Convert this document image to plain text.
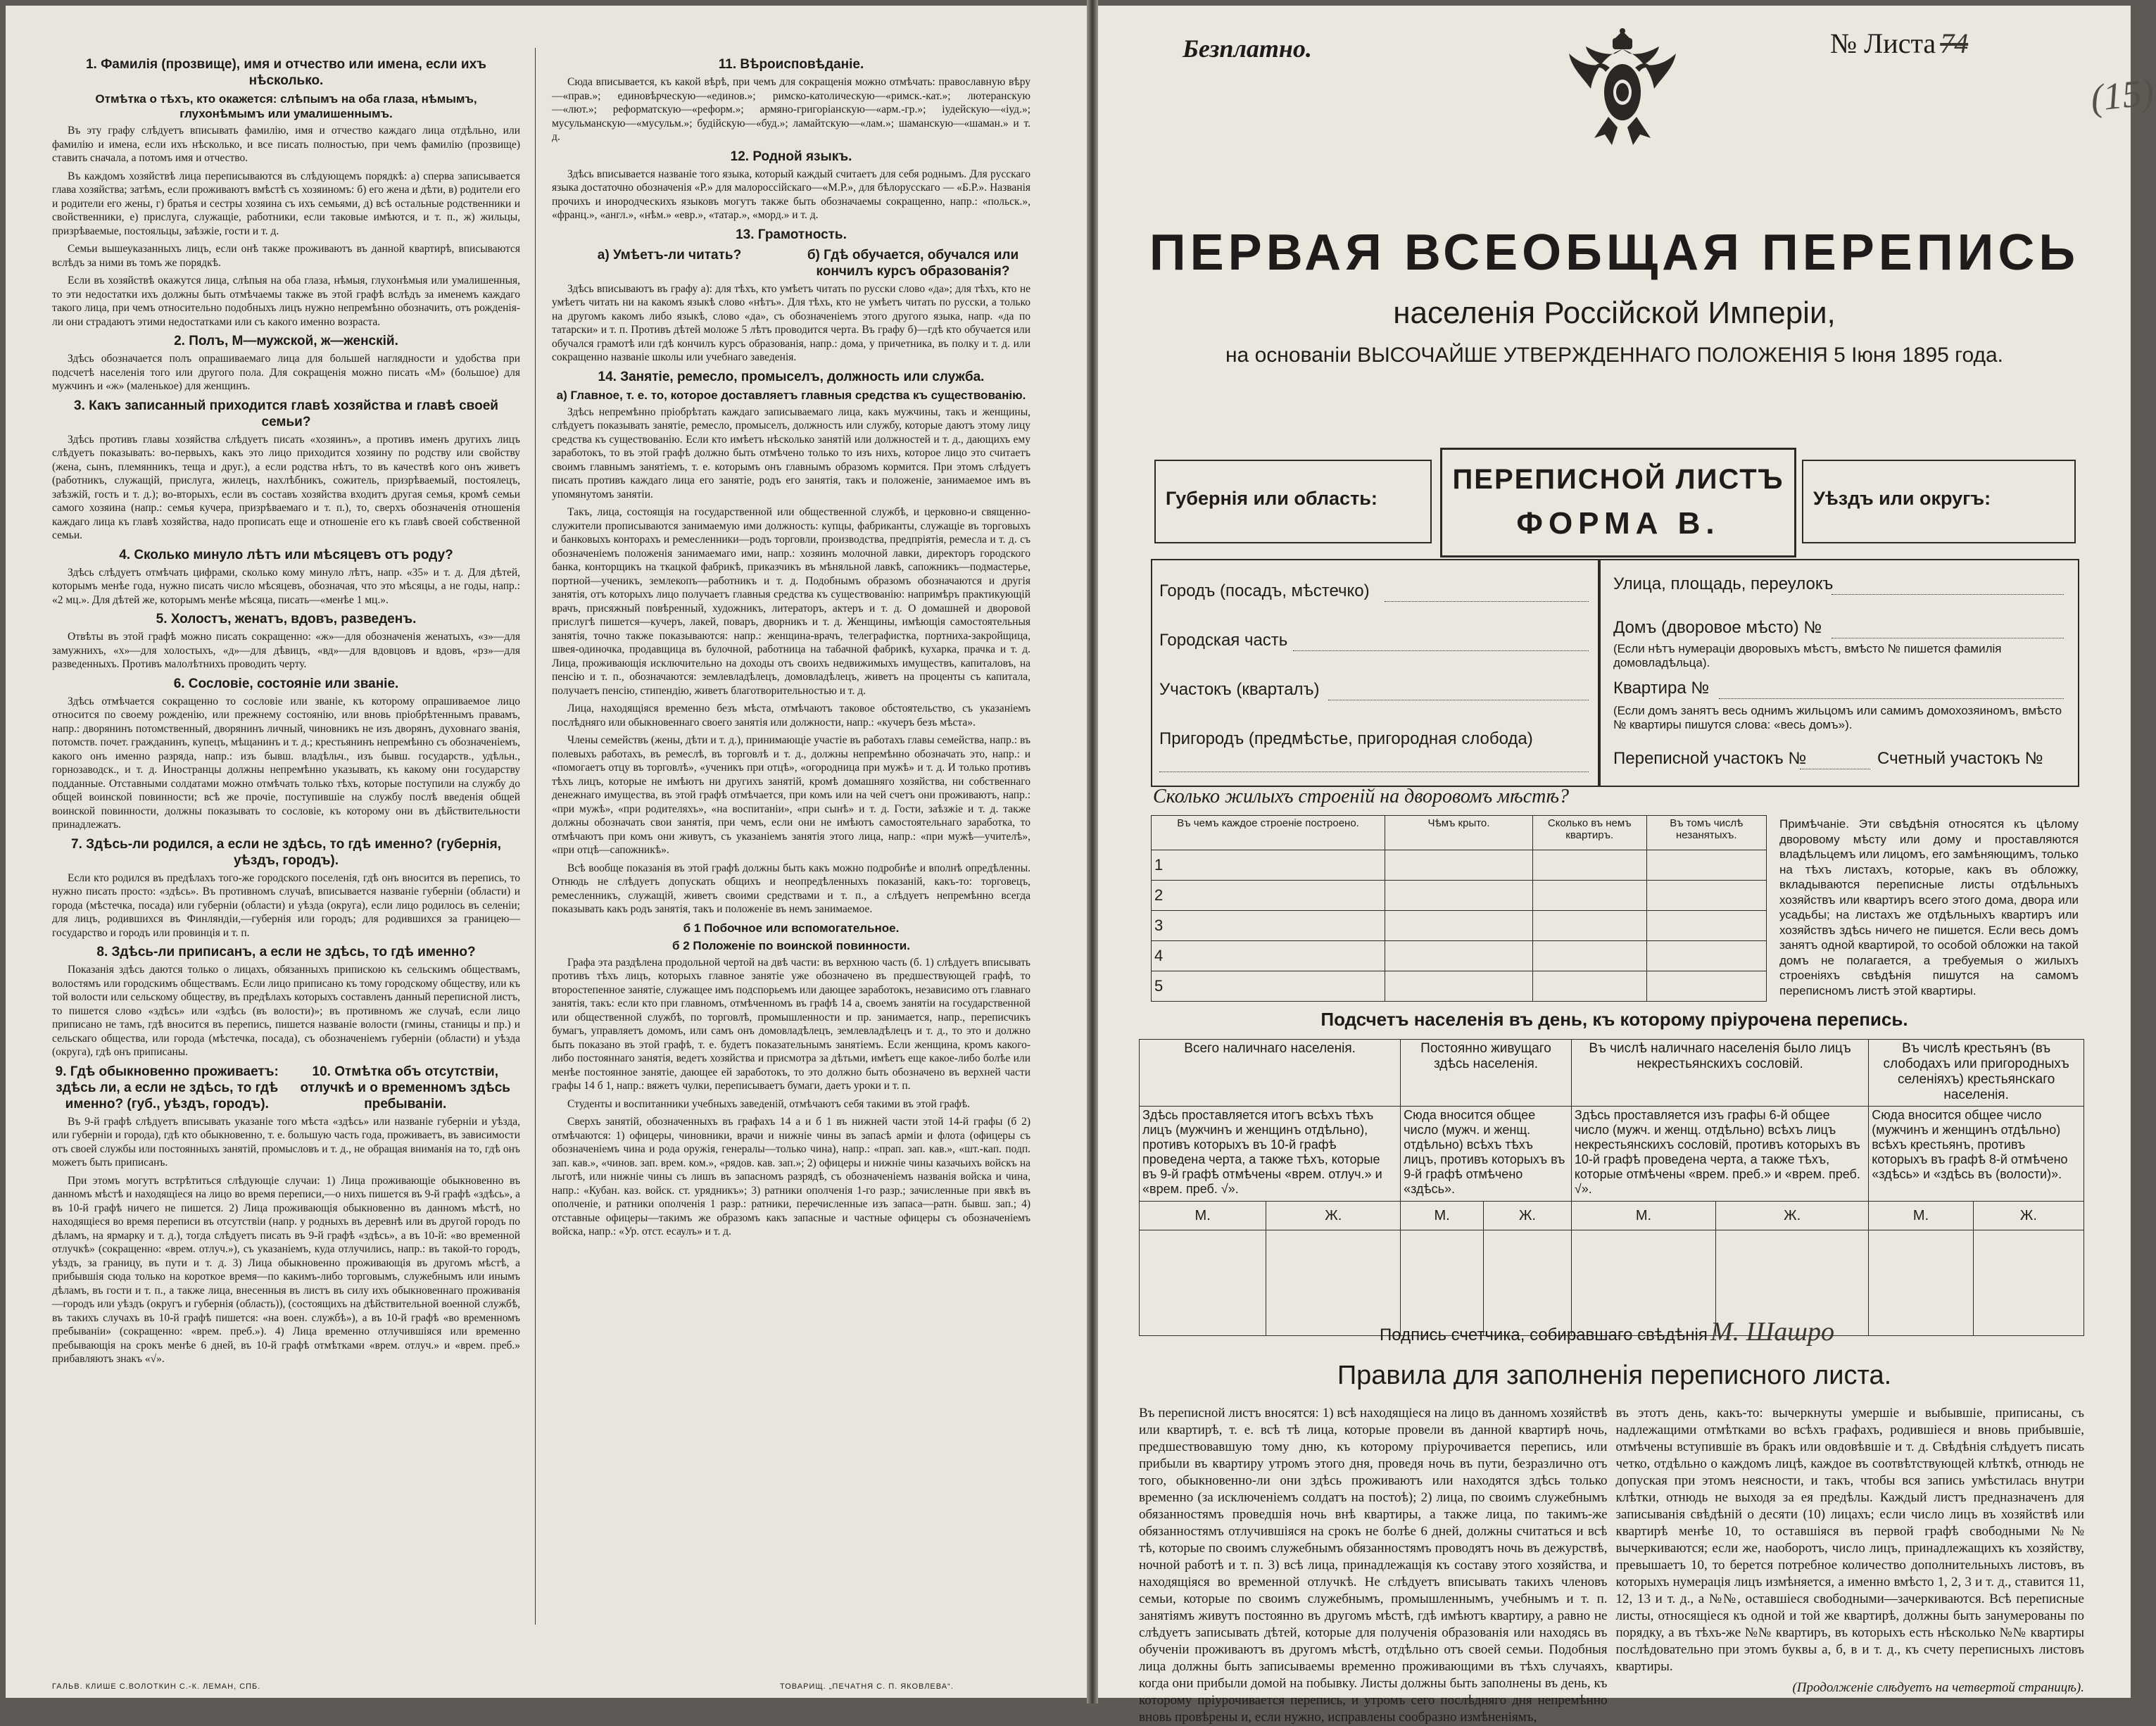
1. Фамилія (прозвище), имя и отчество или имена, если ихъ нѣсколько.
Отмѣтка о тѣхъ, кто окажется: слѣпымъ на оба глаза, нѣмымъ, глухонѣмымъ или умалишеннымъ.
Въ эту графу слѣдуетъ вписывать фамилію, имя и отчество каждаго лица отдѣльно, или фамилію и имена, если ихъ нѣсколько, и все писать полностью, при чемъ фамилію (прозвище) ставить сначала, а потомъ имя и отчество.
Въ каждомъ хозяйствѣ лица переписываются въ слѣдующемъ порядкѣ: а) сперва записывается глава хозяйства; затѣмъ, если проживаютъ вмѣстѣ съ хозяиномъ: б) его жена и дѣти, в) родители его и родители его жены, г) братья и сестры хозяина съ ихъ семьями, д) всѣ остальные родственники и свойственники, е) прислуга, служащіе, работники, если таковые имѣются, и т. п., ж) жильцы, призрѣваемые, постояльцы, заѣзжіе, гости и т. д.
Семьи вышеуказанныхъ лицъ, если онѣ также проживаютъ въ данной квартирѣ, вписываются вслѣдъ за ними въ томъ же порядкѣ.
Если въ хозяйствѣ окажутся лица, слѣпыя на оба глаза, нѣмыя, глухонѣмыя или умалишенныя, то эти недостатки ихъ должны быть отмѣчаемы также въ этой графѣ вслѣдъ за именемъ каждаго такого лица, при чемъ относительно подобныхъ лицъ нужно непремѣнно обозначить, отъ рожденія-ли они страдаютъ этими недостатками или съ какого именно возраста.
2. Полъ, М—мужской, ж—женскій.
Здѣсь обозначается полъ опрашиваемаго лица для большей наглядности и удобства при подсчетѣ населенія того или другого пола. Для сокращенія можно писать «М» (большое) для мужчинъ и «ж» (маленькое) для женщинъ.
3. Какъ записанный приходится главѣ хозяйства и главѣ своей семьи?
Здѣсь противъ главы хозяйства слѣдуетъ писать «хозяинъ», а противъ именъ другихъ лицъ слѣдуетъ показывать: во-первыхъ, какъ это лицо приходится хозяину по родству или свойству (жена, сынъ, племянникъ, теща и друг.), а если родства нѣтъ, то въ качествѣ кого онъ живетъ (работникъ, служащій, прислуга, жилецъ, нахлѣбникъ, сожитель, призрѣваемый, постоялецъ, заѣзжій, гость и т. д.); во-вторыхъ, если въ составъ хозяйства входитъ другая семья, кромѣ семьи самого хозяина (напр.: семья кучера, призрѣваемаго и т. п.), то, сверхъ обозначенія отношенія каждаго лица къ главѣ хозяйства, надо прописать еще и отношеніе его къ главѣ своей собственной семьи.
4. Сколько минуло лѣтъ или мѣсяцевъ отъ роду?
Здѣсь слѣдуетъ отмѣчать цифрами, сколько кому минуло лѣтъ, напр. «35» и т. д. Для дѣтей, которымъ менѣе года, нужно писать число мѣсяцевъ, обозначая, что это мѣсяцы, а не годы, напр.: «2 мц.». Для дѣтей же, которымъ менѣе мѣсяца, писать—«менѣе 1 мц.».
5. Холостъ, женатъ, вдовъ, разведенъ.
Отвѣты въ этой графѣ можно писать сокращенно: «ж»—для обозначенія женатыхъ, «з»—для замужнихъ, «х»—для холостыхъ, «д»—для дѣвицъ, «вд»—для вдовцовъ и вдовъ, «рз»—для разведенныхъ. Противъ малолѣтнихъ проводить черту.
6. Сословіе, состояніе или званіе.
Здѣсь отмѣчается сокращенно то сословіе или званіе, къ которому опрашиваемое лицо относится по своему рожденію, или прежнему состоянію, или вновь пріобрѣтеннымъ правамъ, напр.: дворянинъ потомственный, дворянинъ личный, чиновникъ не изъ дворянъ, духовнаго званія, потомств. почет. гражданинъ, купецъ, мѣщанинъ и т. д.; крестьянинъ непремѣнно съ обозначеніемъ, какого онъ именно разряда, напр.: изъ бывш. владѣльч., изъ бывш. государств., удѣльн., горнозаводск., и т. д. Иностранцы должны непремѣнно указывать, къ какому они государству подданные. Отставными солдатами можно отмѣчать только тѣхъ, которые поступили на службу до общей воинской повинности; всѣ же прочіе, поступившіе на службу послѣ введенія общей воинской повинности, должны показывать то сословіе, къ которому они въ дѣйствительности принадлежатъ.
7. Здѣсь-ли родился, а если не здѣсь, то гдѣ именно? (губернія, уѣздъ, городъ).
Если кто родился въ предѣлахъ того-же городского поселенія, гдѣ онъ вносится въ перепись, то нужно писать просто: «здѣсь». Въ противномъ случаѣ, вписывается названіе губерніи (области) и города (мѣстечка, посада) или губерніи (области) и уѣзда (округа), если лицо родилось въ селеніи; для лицъ, родившихся въ Финляндіи,—губернія или городъ; для родившихся за границею—государство и городъ или провинція и т. п.
8. Здѣсь-ли приписанъ, а если не здѣсь, то гдѣ именно?
Показанія здѣсь даются только о лицахъ, обязанныхъ припискою къ сельскимъ обществамъ, волостямъ или городскимъ обществамъ. Если лицо приписано къ тому городскому обществу, или къ той волости или сельскому обществу, въ предѣлахъ которыхъ составленъ данный переписной листъ, то пишется слово «здѣсь» или «здѣсь (въ волости)»; въ противномъ же случаѣ, если лицо приписано не тамъ, гдѣ вносится въ перепись, пишется названіе волости (гмины, станицы и пр.) и сельскаго общества, или города (мѣстечка, посада), съ обозначеніемъ губерніи (области) и уѣзда (округа), гдѣ онъ приписаны.
9. Гдѣ обыкновенно проживаетъ: здѣсь ли, а если не здѣсь, то гдѣ именно? (губ., уѣздъ, городъ).
10. Отмѣтка объ отсутствіи, отлучкѣ и о временномъ здѣсь пребываніи.
Въ 9-й графѣ слѣдуетъ вписывать указаніе того мѣста «здѣсь» или названіе губерніи и уѣзда, или губерніи и города), гдѣ кто обыкновенно, т. е. большую часть года, проживаетъ, въ зависимости отъ своей службы или постоянныхъ занятій, промысловъ и т. д., не обращая вниманія на то, гдѣ онъ можетъ быть приписанъ.
При этомъ могутъ встрѣтиться слѣдующіе случаи: 1) Лица проживающіе обыкновенно въ данномъ мѣстѣ и находящіеся на лицо во время переписи,—о нихъ пишется въ 9-й графѣ «здѣсь», а въ 10-й графѣ ничего не пишется. 2) Лица проживающія обыкновенно въ данномъ мѣстѣ, но находящіеся во время переписи въ отсутствіи (напр. у родныхъ въ деревнѣ или въ другой городъ по дѣламъ, на ярмарку и т. д.), тогда слѣдуетъ писать въ 9-й графѣ «здѣсь», а въ 10-й: «во временной отлучкѣ» (сокращенно: «врем. отлуч.»), съ указаніемъ, куда отлучились, напр.: въ такой-то городъ, уѣздъ, за границу, въ пути и т. д. 3) Лица обыкновенно проживающія въ другомъ мѣстѣ, а прибывшія сюда только на короткое время—по какимъ-либо торговымъ, служебнымъ или инымъ дѣламъ, въ гости и т. п., а также лица, внесенныя въ листъ въ силу ихъ обыкновеннаго проживанія—городъ или уѣздъ (округъ и губернія (область)), (состоящихъ на дѣйствительной военной службѣ, въ такихъ случахъ въ 10-й графѣ пишется: «на воен. службѣ»), а въ 10-й графѣ «во временномъ пребываніи» (сокращенно: «врем. преб.»). 4) Лица временно отлучившіяся или временно пребывающія на срокъ менѣе 6 дней, въ 10-й графѣ отмѣтками «врем. отлуч.» и «врем. преб.» прибавляютъ знакъ «√».
11. Вѣроисповѣданіе.
Сюда вписывается, къ какой вѣрѣ, при чемъ для сокращенія можно отмѣчать: православную вѣру—«прав.»; единовѣрческую—«единов.»; римско-католическую—«римск.-кат.»; лютеранскую—«лют.»; реформатскую—«реформ.»; армяно-григоріанскую—«арм.-гр.»; іудейскую—«іуд.»; мусульманскую—«мусульм.»; будійскую—«буд.»; ламайтскую—«лам.»; шаманскую—«шаман.» и т. д.
12. Родной языкъ.
Здѣсь вписывается названіе того языка, который каждый считаетъ для себя роднымъ. Для русскаго языка достаточно обозначенія «Р.» для малороссійскаго—«М.Р.», для бѣлорусскаго — «Б.Р.». Названія прочихъ и инородческихъ языковъ могутъ также быть обозначаемы сокращенно, напр.: «польск.», «франц.», «англ.», «нѣм.» «евр.», «татар.», «морд.» и т. д.
13. Грамотность.
а) Умѣетъ-ли читать?	б) Гдѣ обучается, обучался или кончилъ курсъ образованія?
Здѣсь вписываютъ въ графу а): для тѣхъ, кто умѣетъ читать по русски слово «да»; для тѣхъ, кто не умѣетъ читать ни на какомъ языкѣ слово «нѣтъ». Для тѣхъ, кто не умѣетъ читать по русски, а только на другомъ какомъ либо языкѣ, слово «да», съ обозначеніемъ этого другого языка, напр. «да по татарски» и т. п. Противъ дѣтей моложе 5 лѣтъ проводится черта. Въ графу б)—гдѣ кто обучается или обучался грамотѣ или гдѣ кончилъ курсъ образованія, напр.: дома, у причетника, въ полку и т. д. или сокращенно названіе школы или учебнаго заведенія.
14. Занятіе, ремесло, промыселъ, должность или служба.
а) Главное, т. е. то, которое доставляетъ главныя средства къ существованію.
Здѣсь непремѣнно пріобрѣтать каждаго записываемаго лица, какъ мужчины, такъ и женщины, слѣдуетъ показывать занятіе, ремесло, промыселъ, должность или службу, которые даютъ этому лицу средства къ существованію. Если кто имѣетъ нѣсколько занятій или должностей и т. д., дающихъ ему заработокъ, то въ этой графѣ должно быть отмѣчено только то изъ нихъ, которое лицо это считаетъ своимъ главнымъ занятіемъ, т. е. которымъ онъ главнымъ образомъ кормится. При этомъ слѣдуетъ писать противъ каждаго лица его занятіе, родъ его занятія, такъ и положеніе, занимаемое имъ въ упомянутомъ занятіи.
Такъ, лица, состоящія на государственной или общественной службѣ, и церковно-и священно-служители прописываются занимаемую ими должность: купцы, фабриканты, служащіе въ торговыхъ и банковыхъ конторахъ и ремесленники—родъ торговли, производства, предпріятія, ремесла и т. д. съ обозначеніемъ положенія занимаемаго ими, напр.: хозяинъ молочной лавки, директоръ городского банка, конторщикъ на ткацкой фабрикѣ, приказчикъ въ мѣняльной лавкѣ, сапожникъ—подмастерье, портной—ученикъ, землекопъ—работникъ и т. д. Подобнымъ образомъ обозначаются и другія занятія, отъ которыхъ лицо получаетъ главныя средства къ существованію: напримѣръ практикующій врачъ, присяжный повѣренный, художникъ, литераторъ, актеръ и т. д. О домашней и дворовой прислугѣ пишется—кучеръ, лакей, поваръ, дворникъ и т. д. Женщины, имѣющія самостоятельныя занятія, точно также показываются: напр.: женщина-врачъ, телеграфистка, портниха-закройщица, швея-одиночка, продавщица въ булочной, работница на табачной фабрикѣ, кухарка, прачка и т. д. Лица, проживающія исключительно на доходы отъ своихъ недвижимыхъ имуществъ, капиталовъ, на пенсію и т. п., обозначаются: землевладѣлецъ, домовладѣлецъ, живетъ на проценты съ капитала, получаетъ пенсію, стипендію, живетъ благотворительностью и т. д.
Лица, находящіяся временно безъ мѣста, отмѣчаютъ таковое обстоятельство, съ указаніемъ послѣдняго или обыкновеннаго своего занятія или должности, напр.: «кучеръ безъ мѣста».
Члены семействъ (жены, дѣти и т. д.), принимающіе участіе въ работахъ главы семейства, напр.: въ полевыхъ работахъ, въ ремеслѣ, въ торговлѣ и т. д., должны непремѣнно обозначать это, напр.: и «помогаетъ отцу въ торговлѣ», «ученикъ при отцѣ», «огородница при мужѣ» и т. д. И только противъ тѣхъ лицъ, которые не имѣютъ ни другихъ занятій, кромѣ домашняго хозяйства, ни собственнаго денежнаго имущества, въ этой графѣ отмѣчается, при комъ или на чей счетъ они проживаютъ, напр.: «при мужѣ», «при родителяхъ», «на воспитаніи», «при сынѣ» и т. д. Гости, заѣзжіе и т. д. также должны обозначать свои занятія, при чемъ, если они не имѣютъ самостоятельнаго заработка, то отмѣчаютъ при комъ они живутъ, съ указаніемъ занятія этого лица, напр.: «при мужѣ—учителѣ», «при отцѣ—сапожникѣ».
Всѣ вообще показанія въ этой графѣ должны быть какъ можно подробнѣе и вполнѣ опредѣленны. Отнюдь не слѣдуетъ допускать общихъ и неопредѣленныхъ показаній, какъ-то: торговецъ, ремесленникъ, служащій, живетъ своими средствами и т. п., а слѣдуетъ непремѣнно всегда показывать какъ родъ занятія, такъ и положеніе въ немъ занимаемое.
б 1 Побочное или вспомогательное.
б 2 Положеніе по воинской повинности.
Графа эта раздѣлена продольной чертой на двѣ части: въ верхнюю часть (б. 1) слѣдуетъ вписывать противъ тѣхъ лицъ, которыхъ главное занятіе уже обозначено въ предшествующей графѣ, то второстепенное занятіе, служащее имъ подспорьемъ или дающее заработокъ, независимо отъ главнаго занятія, такъ: если кто при главномъ, отмѣченномъ въ графѣ 14 а, своемъ занятіи на государственной или общественной службѣ, по торговлѣ, промышленности и пр. занимается, напр., переписчикъ бумагъ, управляетъ домомъ, или самъ онъ домовладѣлецъ, землевладѣлецъ и т. д., то это и должно быть показано въ этой графѣ, т. е. будетъ показательнымъ занятіемъ. Если женщина, кромъ какого-либо постояннаго занятія, ведетъ хозяйства и присмотра за дѣтьми, имѣетъ еще какое-либо болѣе или менѣе постоянное занятіе, дающее ей заработокъ, то это должно быть обозначено въ верхней части графы 14 б 1, напр.: вяжетъ чулки, переписываетъ бумаги, даетъ уроки и т. п.
Студенты и воспитанники учебныхъ заведеній, отмѣчаютъ себя такими въ этой графѣ.
Сверхъ занятій, обозначенныхъ въ графахъ 14 а и б 1 въ нижней части этой 14-й графы (б 2) отмѣчаются: 1) офицеры, чиновники, врачи и нижніе чины въ запасѣ арміи и флота (офицеры съ обозначеніемъ чина и рода оружія, генералы—только чина), напр.: «прап. зап. кав.», «шт.-кап. подп. зап. кав.», «чинов. зап. врем. ком.», «рядов. кав. зап.»; 2) офицеры и нижніе чины казачьихъ войскъ на льготѣ, или нижніе чины съ лишъ въ запасномъ разрядѣ, съ обозначеніемъ названія войска и чина, напр.: «Кубан. каз. войск. ст. урядникъ»; 3) ратники ополченія 1-го разр.; зачисленные при явкѣ въ ополченіе, и ратники ополченія 1 разр.: ратники, перечисленные изъ запаса—ратн. бывш. зап.; 4) отставные офицеры—такимъ же образомъ какъ запасные и частные офицеры съ обозначеніемъ войска, напр.: «Ур. отст. есаулъ» и т. д.
ГАЛЬВ. КЛИШЕ С.ВОЛОТКИН С.-К. ЛЕМАН, СПБ.	ТОВАРИЩ. „ПЕЧАТНЯ С. П. ЯКОВЛЕВА“.
Безплатно.	№ Листа 74
(15)
ПЕРВАЯ ВСЕОБЩАЯ ПЕРЕПИСЬ
населенія Россійской Имперіи,
на основаніи ВЫСОЧАЙШЕ УТВЕРЖДЕННАГО ПОЛОЖЕНІЯ 5 Іюня 1895 года.
Губернія или область:
ПЕРЕПИСНОЙ ЛИСТЪ
ФОРМА В.
Уѣздъ или округъ:
Городъ (посадъ, мѣстечко)
Городская часть
Участокъ (кварталъ)
Пригородъ (предмѣстье, пригородная слобода)
Улица, площадь, переулокъ
Домъ (дворовое мѣсто) №
(Если нѣтъ нумераціи дворовыхъ мѣстъ, вмѣсто № пишется фамилія домовладѣльца).
Квартира №
(Если домъ занятъ весь однимъ жильцомъ или самимъ домохозяиномъ, вмѣсто № квартиры пишутся слова: «весь домъ»).
Переписной участокъ №	Счетный участокъ №
Сколько жилыхъ строеній на дворовомъ мѣстѣ?
Въ чемъ каждое строеніе построено.	Чѣмъ крыто.	Сколько въ немъ квартиръ.	Въ томъ числѣ незанятыхъ.
1			
2			
3			
4			
5			
Примѣчаніе. Эти свѣдѣнія относятся къ цѣлому дворовому мѣсту или дому и проставляются владѣльцемъ или лицомъ, его замѣняющимъ, только на тѣхъ листахъ, которые, какъ въ обложку, вкладываются переписные листы отдѣльныхъ хозяйствъ или квартиръ всего этого дома, двора или усадьбы; на листахъ же отдѣльныхъ квартиръ или хозяйствъ здѣсь ничего не пишется. Если весь домъ занятъ одной квартирой, то особой обложки на такой домъ не полагается, а требуемыя о жилыхъ строеніяхъ свѣдѣнія пишутся на самомъ переписномъ листѣ этой квартиры.
Подсчетъ населенія въ день, къ которому пріурочена перепись.
Всего наличнаго населенія.		Постоянно живущаго здѣсь населенія.		Въ числѣ наличнаго населенія было лицъ некрестьянскихъ сословій.		Въ числѣ крестьянъ (въ слободахъ или пригородныхъ селеніяхъ) крестьянскаго населенія.	
Здѣсь проставляется итогъ всѣхъ тѣхъ лицъ (мужчинъ и женщинъ отдѣльно), противъ которыхъ въ 10-й графѣ проведена черта, а также тѣхъ, которые въ 9-й графѣ отмѣчены «врем. отлуч.» и «врем. преб. √».		Сюда вносится общее число (мужч. и женщ. отдѣльно) всѣхъ тѣхъ лицъ, противъ которыхъ въ 9-й графѣ отмѣчено «здѣсь».		Здѣсь проставляется изъ графы 6-й общее число (мужч. и женщ. отдѣльно) всѣхъ лицъ некрестьянскихъ сословій, противъ которыхъ въ 10-й графѣ проведена черта, а также тѣхъ, которые отмѣчены «врем. преб.» и «врем. преб. √».		Сюда вносится общее число (мужчинъ и женщинъ отдѣльно) всѣхъ крестьянъ, противъ которыхъ въ графѣ 8-й отмѣчено «здѣсь» и «здѣсь въ (волости)».	
М.	Ж.	М.	Ж.	М.	Ж.	М.	Ж.

Подпись счетчика, собиравшаго свѣдѣнія М. Шашро
Правила для заполненія переписного листа.
Въ переписной листъ вносятся: 1) всѣ находящіеся на лицо въ данномъ хозяйствѣ или квартирѣ, т. е. всѣ тѣ лица, которые провели въ данной квартирѣ ночь, предшествовавшую тому дню, къ которому пріурочивается перепись, или прибыли въ квартиру утромъ этого дня, проведя ночь въ пути, безразлично отъ того, обыкновенно-ли они здѣсь проживаютъ или находятся здѣсь только временно (за исключеніемъ солдатъ на постоѣ); 2) лица, по своимъ служебнымъ обязанностямъ проведшія ночь внѣ квартиры, а также лица, по такимъ-же обязанностямъ отлучившіяся на срокъ не болѣе 6 дней, должны считаться и всѣ тѣ, которые по своимъ служебнымъ обязанностямъ проводятъ ночь въ дежурствѣ, ночной работѣ и т. п. 3) всѣ лица, принадлежащія къ составу этого хозяйства, и находящіяся во временной отлучкѣ. Не слѣдуетъ вписывать такихъ членовъ семьи, которые по своимъ служебнымъ, промышленнымъ, учебнымъ и т. п. занятіямъ живутъ постоянно въ другомъ мѣстѣ, гдѣ имѣютъ квартиру, а равно не слѣдуетъ записывать дѣтей, которые для полученія образованія или находясь въ обученіи проживаютъ въ другомъ мѣстѣ, отдѣльно отъ своей семьи. Подобныя лица должны быть записываемы временно проживающими въ тѣхъ случаяхъ, когда они прибыли домой на побывку. Листы должны быть заполнены въ день, къ которому пріурочивается перепись, и утромъ сего послѣдняго дня непремѣнно вновь провѣрены и, если нужно, исправлены сообразно измѣненіямъ,
въ этотъ день, какъ-то: вычеркнуты умершіе и выбывшіе, приписаны, съ надлежащими отмѣтками во всѣхъ графахъ, родившіеся и вновь прибывшіе, отмѣчены вступившіе въ бракъ или овдовѣвшіе и т. д. Свѣдѣнія слѣдуетъ писать четко, отдѣльно о каждомъ лицѣ, каждое въ соотвѣтствующей клѣткѣ, отнюдь не допуская при этомъ неясности, и такъ, чтобы вся запись умѣстилась внутри клѣтки, отнюдь не выходя за ея предѣлы. Каждый листъ предназначенъ для записыванія свѣдѣній о десяти (10) лицахъ; если число лицъ въ хозяйствѣ или квартирѣ менѣе 10, то оставшіяся въ первой графѣ свободными №№ вычеркиваются; если же, наоборотъ, число лицъ, принадлежащихъ къ хозяйству, превышаетъ 10, то берется потребное количество дополнительныхъ листовъ, въ которыхъ нумерація лицъ измѣняется, а именно вмѣсто 1, 2, 3 и т. д., ставится 11, 12, 13 и т. д., а №№, оставшіеся свободными—зачеркиваются. Всѣ переписные листы, относящіеся къ одной и той же квартирѣ, должны быть занумерованы по порядку, а въ тѣхъ-же №№ квартиръ, въ которыхъ есть нѣсколько №№ квартиры послѣдовательно при этомъ буквы а, б, в и т. д., къ счету переписныхъ листовъ квартиры.
(Продолженіе слѣдуетъ на четвертой страницѣ).
